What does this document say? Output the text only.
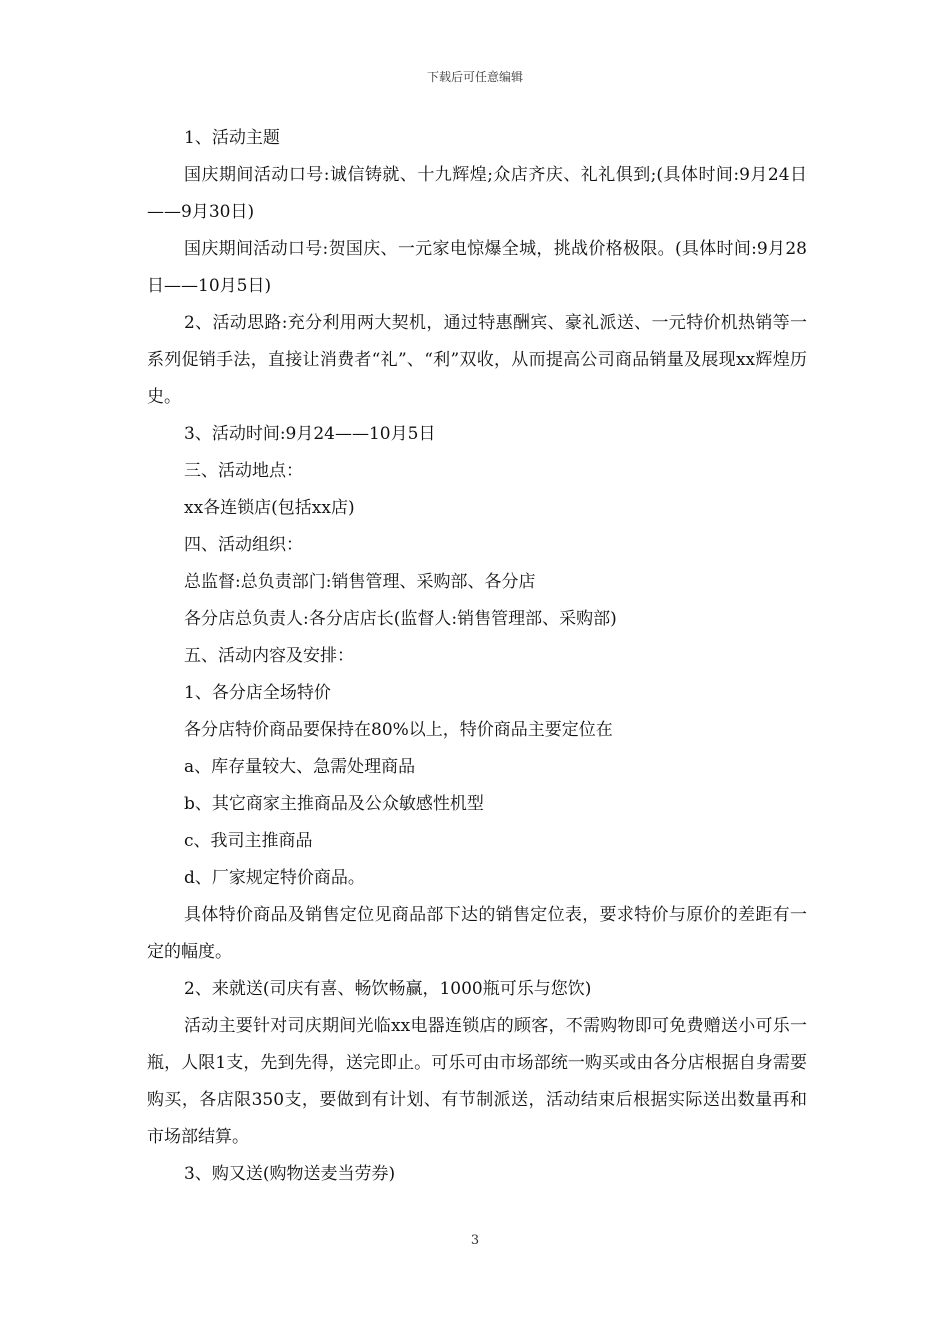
下载后可任意编辑

1、活动主题

国庆期间活动口号:诚信铸就、十九辉煌;众店齐庆、礼礼俱到;(具体时间:9月24日——9月30日)

国庆期间活动口号:贺国庆、一元家电惊爆全城，挑战价格极限。(具体时间:9月28日——10月5日)

2、活动思路:充分利用两大契机，通过特惠酬宾、豪礼派送、一元特价机热销等一系列促销手法，直接让消费者“礼”、“利”双收，从而提高公司商品销量及展现xx辉煌历史。

3、活动时间:9月24——10月5日

三、活动地点：

xx各连锁店(包括xx店)

四、活动组织：

总监督:总负责部门:销售管理、采购部、各分店

各分店总负责人:各分店店长(监督人:销售管理部、采购部)

五、活动内容及安排：

1、各分店全场特价

各分店特价商品要保持在80%以上，特价商品主要定位在

a、库存量较大、急需处理商品

b、其它商家主推商品及公众敏感性机型

c、我司主推商品

d、厂家规定特价商品。

具体特价商品及销售定位见商品部下达的销售定位表，要求特价与原价的差距有一定的幅度。

2、来就送(司庆有喜、畅饮畅赢，1000瓶可乐与您饮)

活动主要针对司庆期间光临xx电器连锁店的顾客，不需购物即可免费赠送小可乐一瓶，人限1支，先到先得，送完即止。可乐可由市场部统一购买或由各分店根据自身需要购买，各店限350支，要做到有计划、有节制派送，活动结束后根据实际送出数量再和市场部结算。

3、购又送(购物送麦当劳券)

3
